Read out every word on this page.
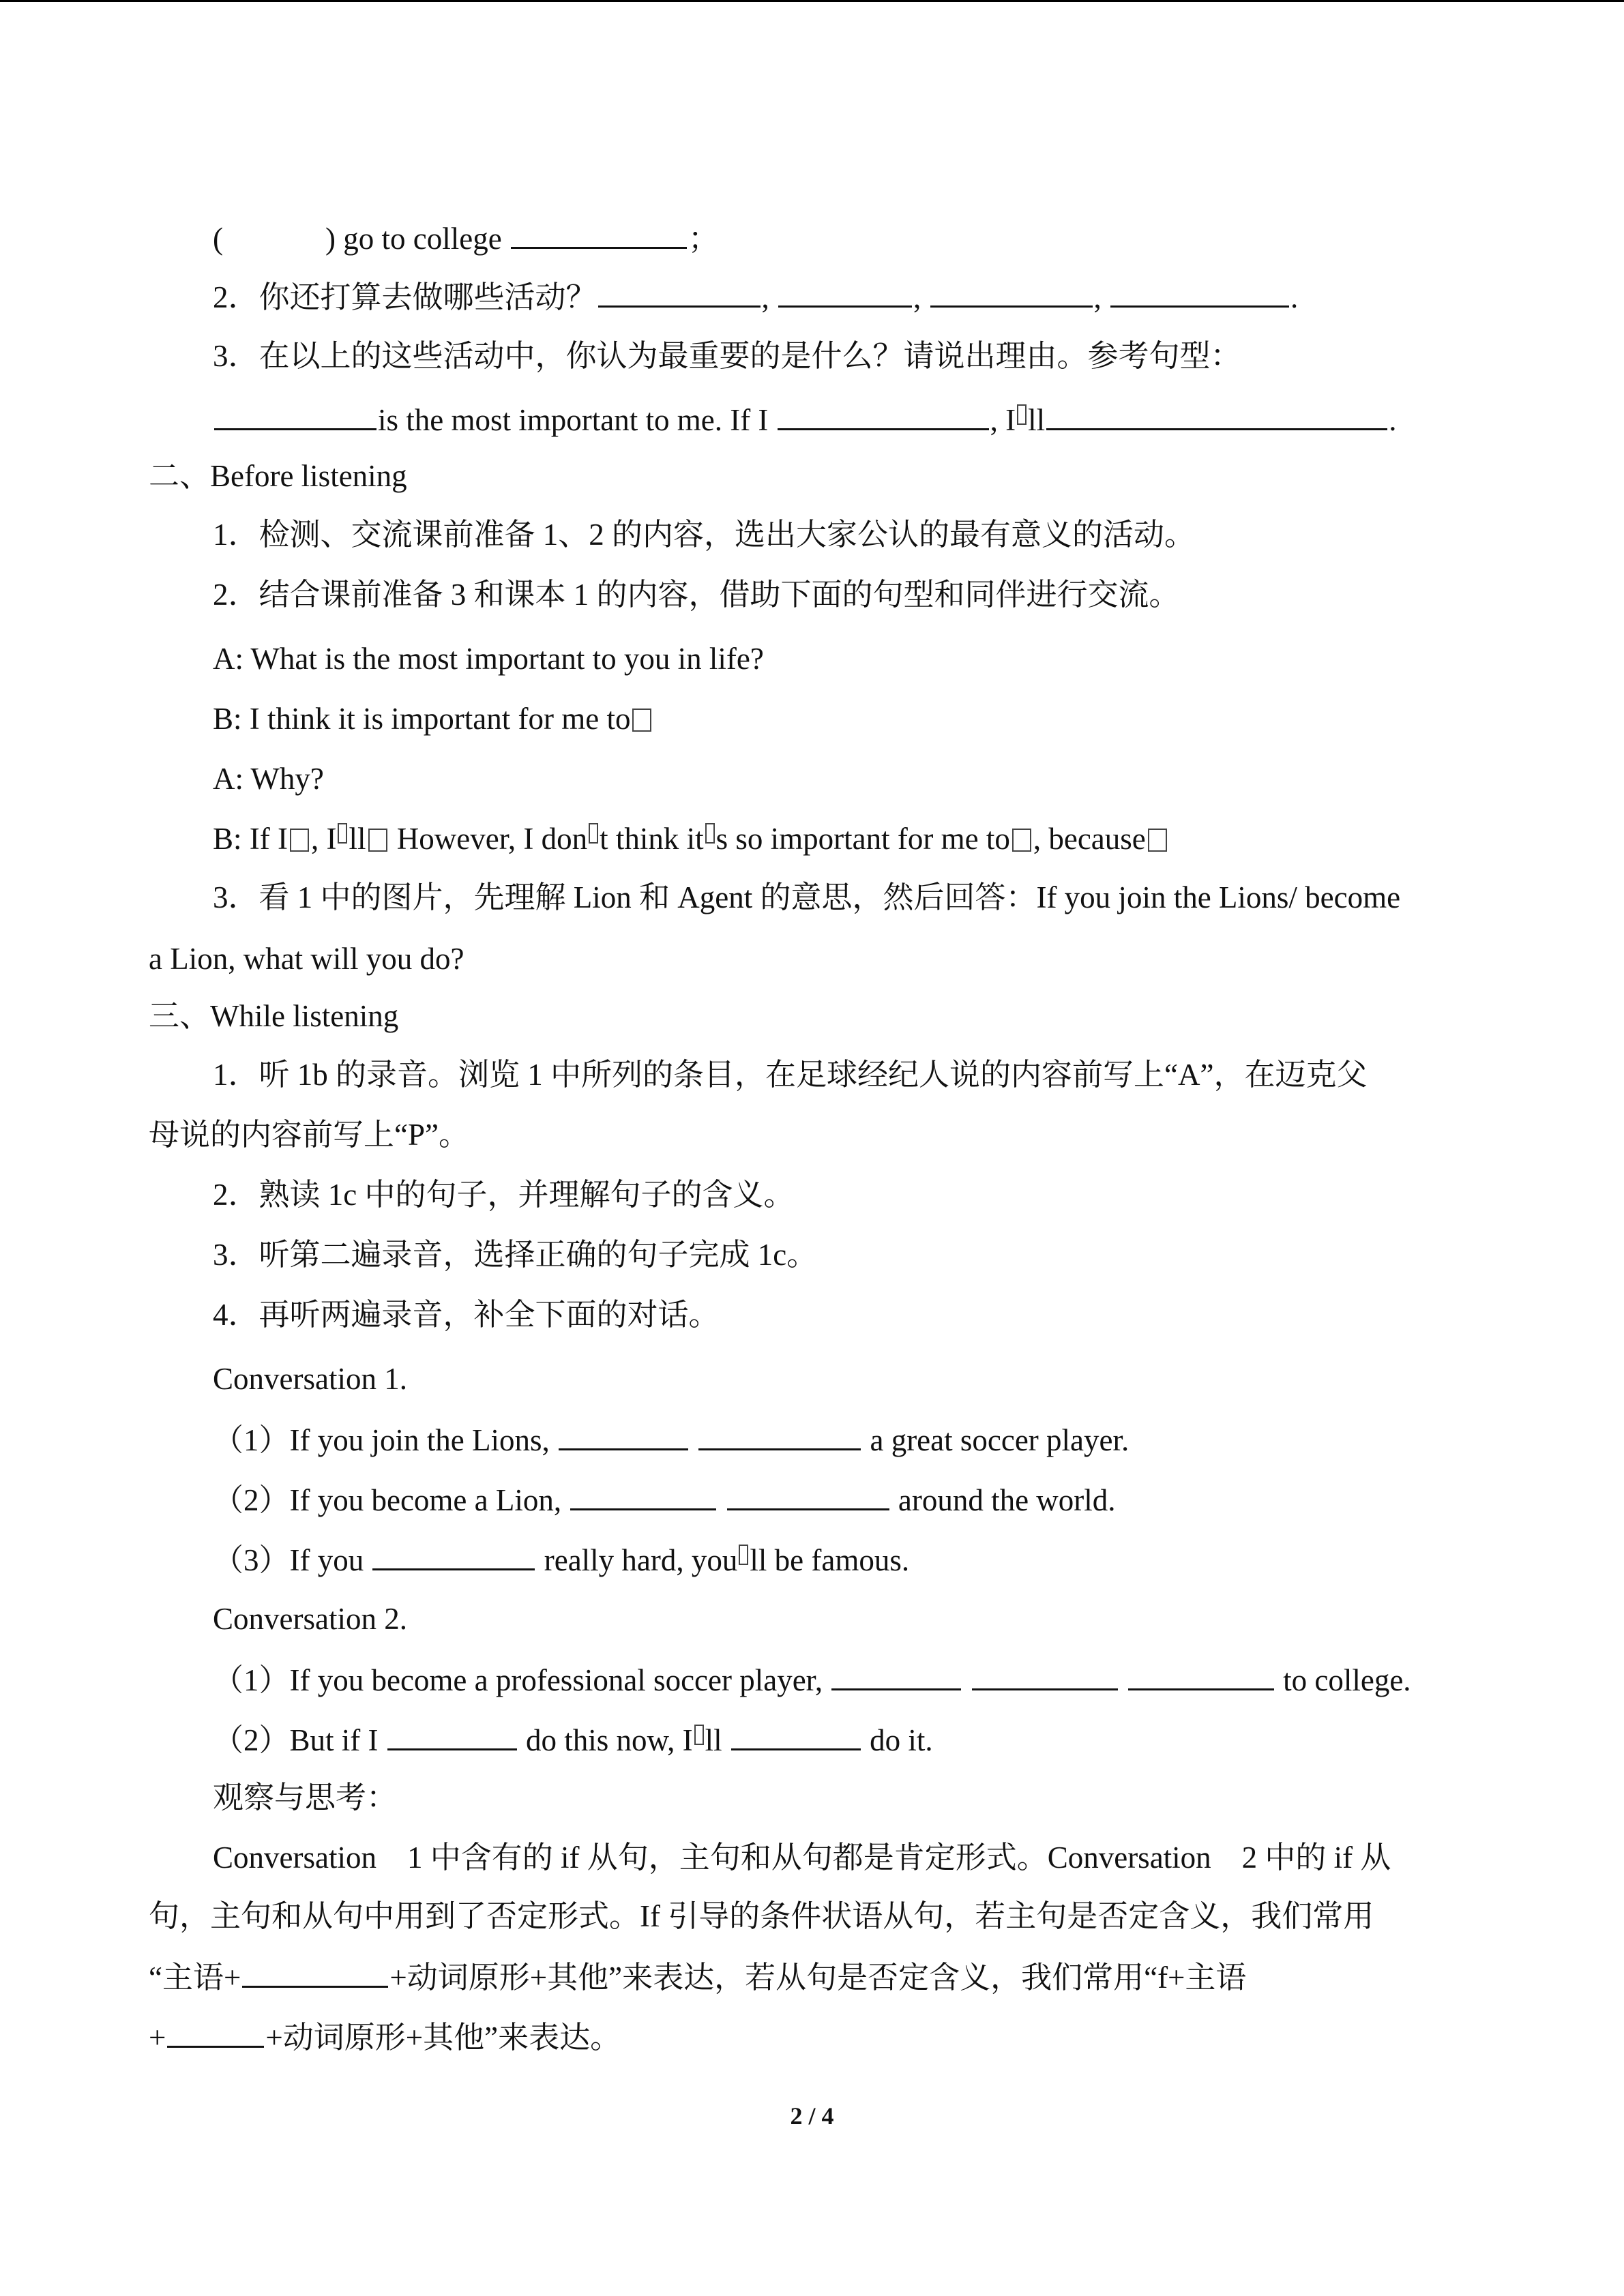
(	) go to college	；
2．你还打算去做哪些活动？	,	,	,	.
3．在以上的这些活动中，你认为最重要的是什么？请说出理由。参考句型：
is the most important to me. If I	, I ll	.
二、Before listening
1．检测、交流课前准备 1、2 的内容，选出大家公认的最有意义的活动。
2．结合课前准备 3 和课本 1 的内容，借助下面的句型和同伴进行交流。
A: What is the most important to you in life?
B: I think it is important for me to
A: Why?
B: If I , I ll However, I don t think it s so important for me to , because
3．看 1 中的图片，先理解 Lion 和 Agent 的意思，然后回答：If you join the Lions/ become
a Lion, what will you do?
三、While listening
1．听 1b 的录音。浏览 1 中所列的条目，在足球经纪人说的内容前写上“A”，在迈克父
母说的内容前写上“P”。
2．熟读 1c 中的句子，并理解句子的含义。
3．听第二遍录音，选择正确的句子完成 1c。
4．再听两遍录音，补全下面的对话。
Conversation 1.
（1）If you join the Lions,	a great soccer player.
（2）If you become a Lion,	around the world.
（3）If you	really hard, you ll be famous.
Conversation 2.
（1）If you become a professional soccer player,	to college.
（2）But if I	do this now, I ll	do it.
观察与思考：
Conversation　1 中含有的 if 从句，主句和从句都是肯定形式。Conversation　2 中的 if 从
句，主句和从句中用到了否定形式。If 引导的条件状语从句，若主句是否定含义，我们常用
“主语+	+动词原形+其他”来表达，若从句是否定含义，我们常用“f+主语
+	+动词原形+其他”来表达。
2 / 4
